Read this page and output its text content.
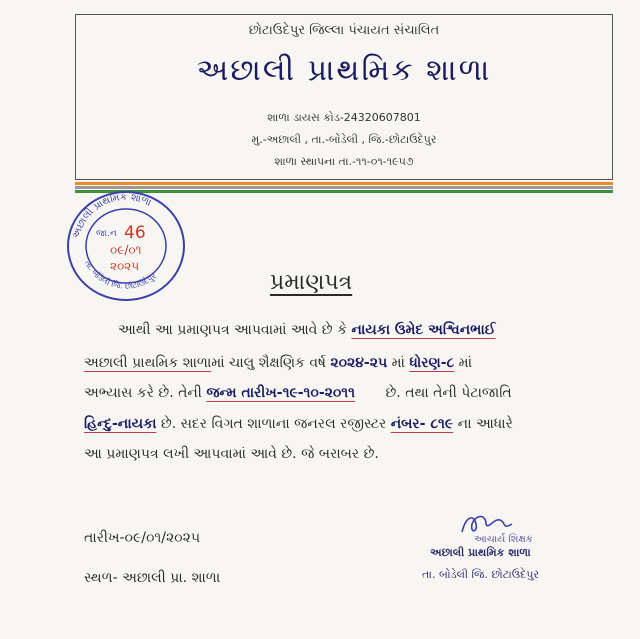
છોટાઉદેપુર જિલ્લા પંચાયત સંચાલિત
અછાલી પ્રાથમિક શાળા
શાળા ડાયસ કોડ-24320607801
મુ.-અછાલી , તા.-બોડેલી , જિ.-છોટાઉદેપુર
શાળા સ્થાપના તા.-૧૧-૦૧-૧૯૫૭
અછાલી પ્રાથમિક શાળા
તા. બોડેલી જિ. છોટાઉદેપુર
જા.ન 46
૦૯/૦૧
૨૦૨૫
પ્રમાણપત્ર
આથી આ પ્રમાણપત્ર આપવામાં આવે છે કે નાયકા ઉમેદ અશ્વિનભાઈ
અછાલી પ્રાથમિક શાળામાં ચાલુ શૈક્ષણિક વર્ષ ૨૦૨૪-૨૫ માં ધોરણ-૮ માં
અભ્યાસ કરે છે. તેની જન્મ તારીખ-૧૯-૧૦-૨૦૧૧ છે. તથા તેની પેટાજાતિ
હિન્દુ-નાયકા છે. સદર વિગત શાળાના જનરલ રજીસ્ટર નંબર- ૮૧૯ ના આધારે
આ પ્રમાણપત્ર લખી આપવામાં આવે છે. જે બરાબર છે.
તારીખ-૦૯/૦૧/૨૦૨૫
સ્થળ- અછાલી પ્રા. શાળા
આચાર્ય શિક્ષક
અછાલી પ્રાથમિક શાળા
તા. બોડેલી જિ. છોટાઉદેપુર
